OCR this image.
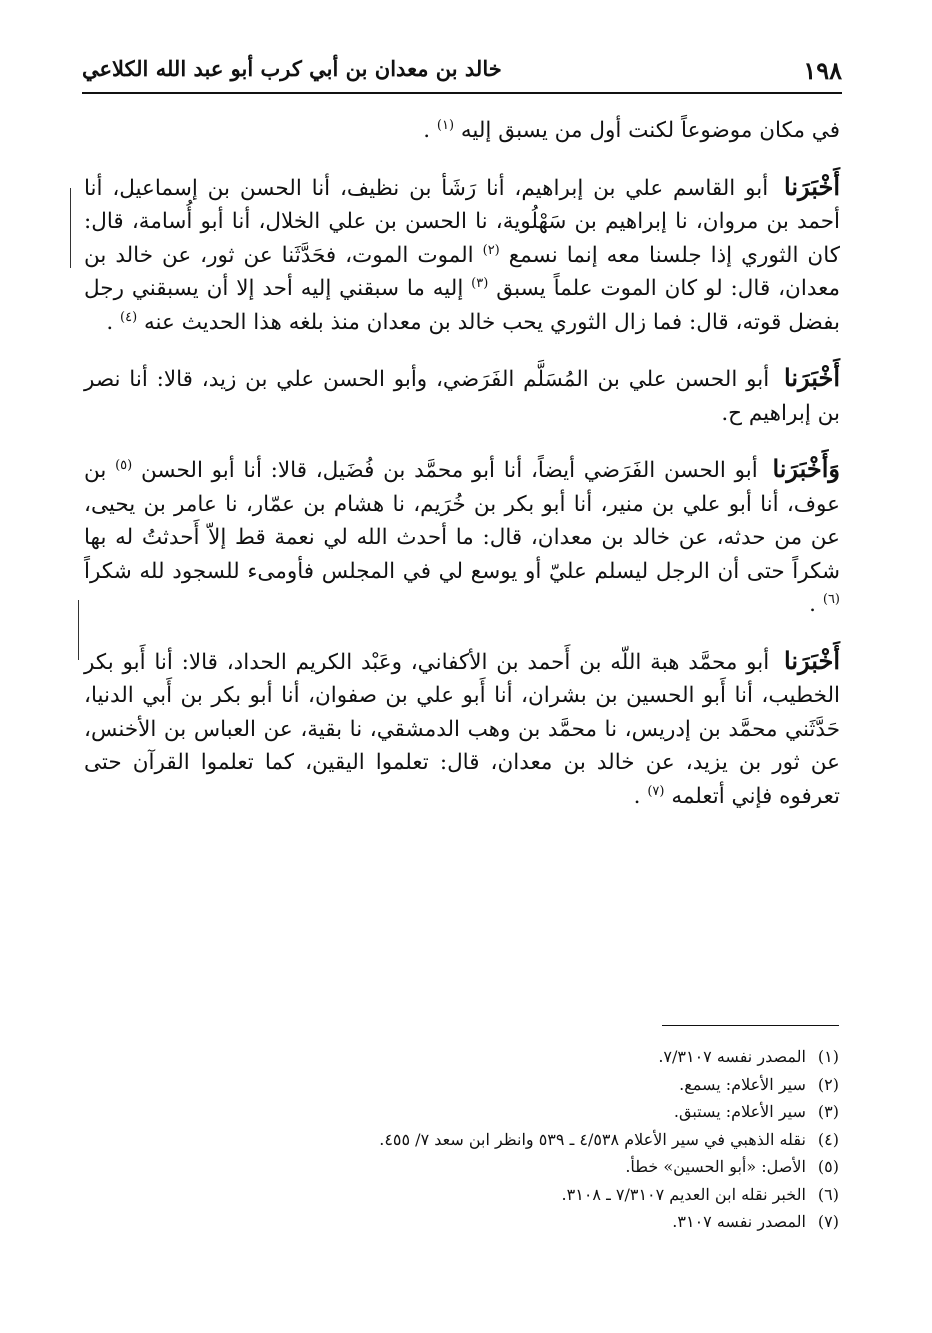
١٩٨
خالد بن معدان بن أبي كرب أبو عبد الله الكلاعي

في مكان موضوعاً لكنت أول من يسبق إليه $^{(١)}$ .

أَخْبَرَنا أبو القاسم علي بن إبراهيم، أنا رَشَأ بن نظيف، أنا الحسن بن إسماعيل، أنا أحمد بن مروان، نا إبراهيم بن سَهْلُوية، نا الحسن بن علي الخلال، أنا أبو أُسامة، قال: كان الثوري إذا جلسنا معه إنما نسمع $^{(٢)}$ الموت الموت، فحَدَّثَنا عن ثور، عن خالد بن معدان، قال: لو كان الموت علماً يسبق $^{(٣)}$ إليه ما سبقني إليه أحد إلا أن يسبقني رجل بفضل قوته، قال: فما زال الثوري يحب خالد بن معدان منذ بلغه هذا الحديث عنه $^{(٤)}$ .

أَخْبَرَنا أبو الحسن علي بن المُسَلَّم الفَرَضي، وأبو الحسن علي بن زيد، قالا: أنا نصر بن إبراهيم ح.

وَأَخْبَرَنا أبو الحسن الفَرَضي أيضاً، أنا أبو محمَّد بن فُضَيل، قالا: أنا أبو الحسن $^{(٥)}$ بن عوف، أنا أبو علي بن منير، أنا أبو بكر بن خُرَيم، نا هشام بن عمّار، نا عامر بن يحيى، عن من حدثه، عن خالد بن معدان، قال: ما أحدث الله لي نعمة قط إلاّ أَحدثتُ له بها شكراً حتى أن الرجل ليسلم عليّ أو يوسع لي في المجلس فأومىء للسجود لله شكراً $^{(٦)}$ .

أَخْبَرَنا أبو محمَّد هبة اللّه بن أَحمد بن الأكفاني، وعَبْد الكريم الحداد، قالا: أنا أَبو بكر الخطيب، أنا أَبو الحسين بن بشران، أنا أَبو علي بن صفوان، أنا أبو بكر بن أَبي الدنيا، حَدَّثَني محمَّد بن إدريس، نا محمَّد بن وهب الدمشقي، نا بقية، عن العباس بن الأخنس، عن ثور بن يزيد، عن خالد بن معدان، قال: تعلموا اليقين، كما تعلموا القرآن حتى تعرفوه فإني أتعلمه $^{(٧)}$ .

(١)المصدر نفسه ٧/٣١٠٧.
(٢)سير الأعلام: يسمع.
(٣)سير الأعلام: يستبق.
(٤)نقله الذهبي في سير الأعلام ٤/٥٣٨ ـ ٥٣٩ وانظر ابن سعد ٧/ ٤٥٥.
(٥)الأصل: «أبو الحسين» خطأ.
(٦)الخبر نقله ابن العديم ٧/٣١٠٧ ـ ٣١٠٨.
(٧)المصدر نفسه ٣١٠٧.
